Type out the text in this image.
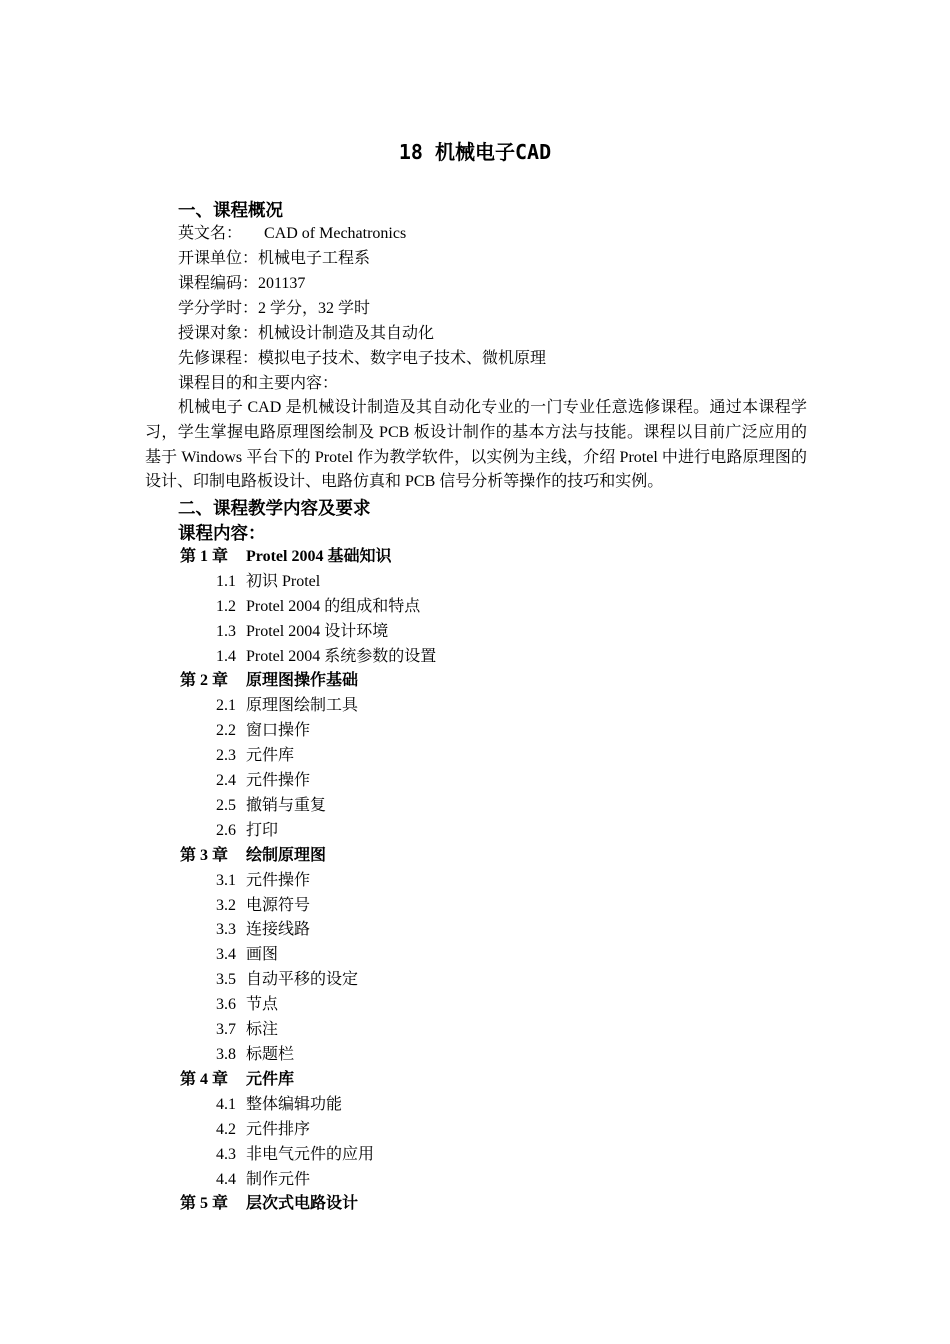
18 机械电子CAD
一、课程概况
英文名： CAD of Mechatronics
开课单位：机械电子工程系
课程编码：201137
学分学时：2 学分，32 学时
授课对象：机械设计制造及其自动化
先修课程：模拟电子技术、数字电子技术、微机原理
课程目的和主要内容：
机械电子 CAD 是机械设计制造及其自动化专业的一门专业任意选修课程。通过本课程学习，学生掌握电路原理图绘制及 PCB 板设计制作的基本方法与技能。课程以目前广泛应用的基于 Windows 平台下的 Protel 作为教学软件，以实例为主线，介绍 Protel 中进行电路原理图的设计、印制电路板设计、电路仿真和 PCB 信号分析等操作的技巧和实例。
二、课程教学内容及要求
课程内容：
第 1 章 Protel 2004 基础知识
1.1 初识 Protel
1.2 Protel 2004 的组成和特点
1.3 Protel 2004 设计环境
1.4 Protel 2004 系统参数的设置
第 2 章 原理图操作基础
2.1 原理图绘制工具
2.2 窗口操作
2.3 元件库
2.4 元件操作
2.5 撤销与重复
2.6 打印
第 3 章 绘制原理图
3.1 元件操作
3.2 电源符号
3.3 连接线路
3.4 画图
3.5 自动平移的设定
3.6 节点
3.7 标注
3.8 标题栏
第 4 章 元件库
4.1 整体编辑功能
4.2 元件排序
4.3 非电气元件的应用
4.4 制作元件
第 5 章 层次式电路设计
